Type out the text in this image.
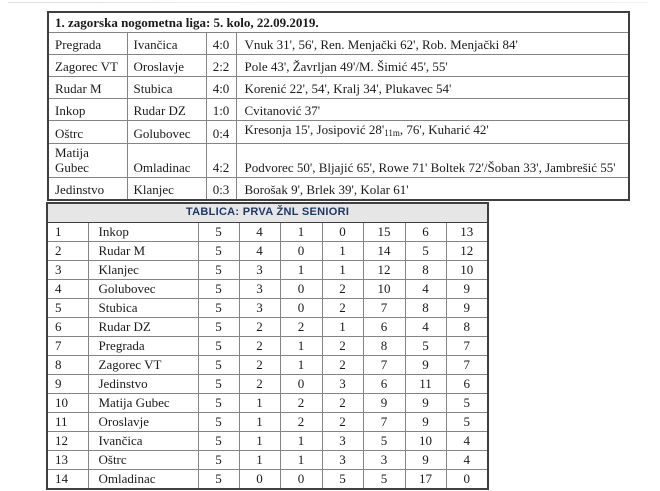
1. zagorska nogometna liga: 5. kolo, 22.09.2019.			
Pregrada	Ivančica	4:0	Vnuk 31', 56', Ren. Menjački 62', Rob. Menjački 84'
Zagorec VT	Oroslavje	2:2	Pole 43', Žavrljan 49'/M. Šimić 45', 55'
Rudar M	Stubica	4:0	Korenić 22', 54', Kralj 34', Plukavec 54'
Inkop	Rudar DZ	1:0	Cvitanović 37'
Oštrc	Golubovec	0:4	Kresonja 15', Josipović $28'_{11m}$, 76', Kuharić 42'
Matija Gubec	Omladinac	4:2	Podvorec 50', Bljajić 65', Rowe 71' Boltek 72'/Šoban 33', Jambrešić 55'
Jedinstvo	Klanjec	0:3	Borošak 9', Brlek 39', Kolar 61'
TABLICA: PRVA ŽNL SENIORI								
1	Inkop	5	4	1	0	15	6	13
2	Rudar M	5	4	0	1	14	5	12
3	Klanjec	5	3	1	1	12	8	10
4	Golubovec	5	3	0	2	10	4	9
5	Stubica	5	3	0	2	7	8	9
6	Rudar DZ	5	2	2	1	6	4	8
7	Pregrada	5	2	1	2	8	5	7
8	Zagorec VT	5	2	1	2	7	9	7
9	Jedinstvo	5	2	0	3	6	11	6
10	Matija Gubec	5	1	2	2	9	9	5
11	Oroslavje	5	1	2	2	7	9	5
12	Ivančica	5	1	1	3	5	10	4
13	Oštrc	5	1	1	3	3	9	4
14	Omladinac	5	0	0	5	5	17	0
